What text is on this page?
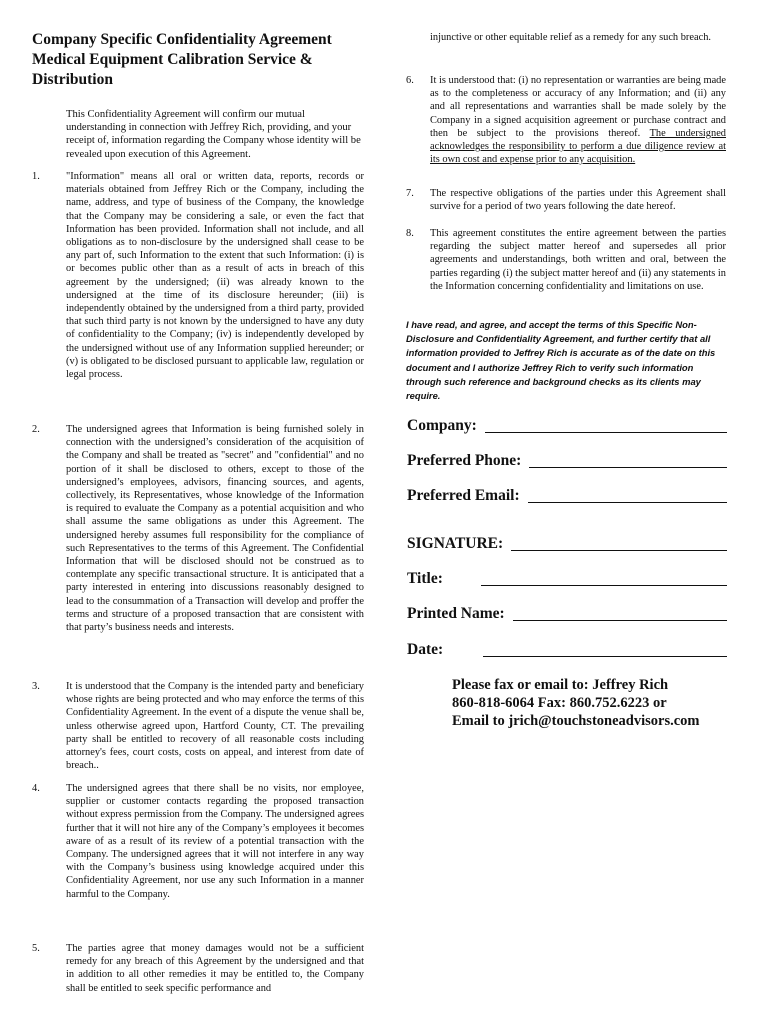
Company Specific Confidentiality Agreement
Medical Equipment Calibration Service &
Distribution

This Confidentiality Agreement will confirm our mutual understanding in connection with Jeffrey Rich, providing, and your receipt of, information regarding the Company whose identity will be revealed upon execution of this Agreement.

1.	"Information" means all oral or written data, reports, records or materials obtained from Jeffrey Rich or the Company, including the name, address, and type of business of the Company, the knowledge that the Company may be considering a sale, or even the fact that Information has been provided. Information shall not include, and all obligations as to non-disclosure by the undersigned shall cease to be any part of, such Information to the extent that such Information: (i) is or becomes public other than as a result of acts in breach of this agreement by the undersigned; (ii) was already known to the undersigned at the time of its disclosure hereunder; (iii) is independently obtained by the undersigned from a third party, provided that such third party is not known by the undersigned to have any duty of confidentiality to the Company; (iv) is independently developed by the undersigned without use of any Information supplied hereunder; or (v) is obligated to be disclosed pursuant to applicable law, regulation or legal process.

2.	The undersigned agrees that Information is being furnished solely in connection with the undersigned’s consideration of the acquisition of the Company and shall be treated as "secret" and "confidential" and no portion of it shall be disclosed to others, except to those of the undersigned’s employees, advisors, financing sources, and agents, collectively, its Representatives, whose knowledge of the Information is required to evaluate the Company as a potential acquisition and who shall assume the same obligations as under this Agreement. The undersigned hereby assumes full responsibility for the compliance of such Representatives to the terms of this Agreement. The Confidential Information that will be disclosed should not be construed as to contemplate any specific transactional structure. It is anticipated that a party interested in entering into discussions reasonably designed to lead to the consummation of a Transaction will develop and proffer the terms and structure of a proposed transaction that are consistent with that party’s business needs and interests.

3.	It is understood that the Company is the intended party and beneficiary whose rights are being protected and who may enforce the terms of this Confidentiality Agreement. In the event of a dispute the venue shall be, unless otherwise agreed upon, Hartford County, CT. The prevailing party shall be entitled to recovery of all reasonable costs including attorney's fees, court costs, costs on appeal, and interest from date of breach..

4.	The undersigned agrees that there shall be no visits, nor employee, supplier or customer contacts regarding the proposed transaction without express permission from the Company. The undersigned agrees further that it will not hire any of the Company’s employees it becomes aware of as a result of its review of a potential transaction with the Company. The undersigned agrees that it will not interfere in any way with the Company’s business using knowledge acquired under this Confidentiality Agreement, nor use any such Information in a manner harmful to the Company.

5.	The parties agree that money damages would not be a sufficient remedy for any breach of this Agreement by the undersigned and that in addition to all other remedies it may be entitled to, the Company shall be entitled to seek specific performance and

injunctive or other equitable relief as a remedy for any such breach.

6. It is understood that: (i) no representation or warranties are being made as to the completeness or accuracy of any Information; and (ii) any and all representations and warranties shall be made solely by the Company in a signed acquisition agreement or purchase contract and then be subject to the provisions thereof. The undersigned acknowledges the responsibility to perform a due diligence review at its own cost and expense prior to any acquisition.

7. The respective obligations of the parties under this Agreement shall survive for a period of two years following the date hereof.

8. This agreement constitutes the entire agreement between the parties regarding the subject matter hereof and supersedes all prior agreements and understandings, both written and oral, between the parties regarding (i) the subject matter hereof and (ii) any statements in the Information concerning confidentiality and limitations on use.

I have read, and agree, and accept the terms of this Specific Non-Disclosure and Confidentiality Agreement, and further certify that all information provided to Jeffrey Rich is accurate as of the date on this document and I authorize Jeffrey Rich to verify such information through such reference and background checks as its clients may require.

Company:
Preferred Phone:
Preferred Email:
SIGNATURE:
Title:
Printed Name:
Date:
Please fax or email to: Jeffrey Rich
860-818-6064 Fax: 860.752.6223 or
Email to jrich@touchstoneadvisors.com
